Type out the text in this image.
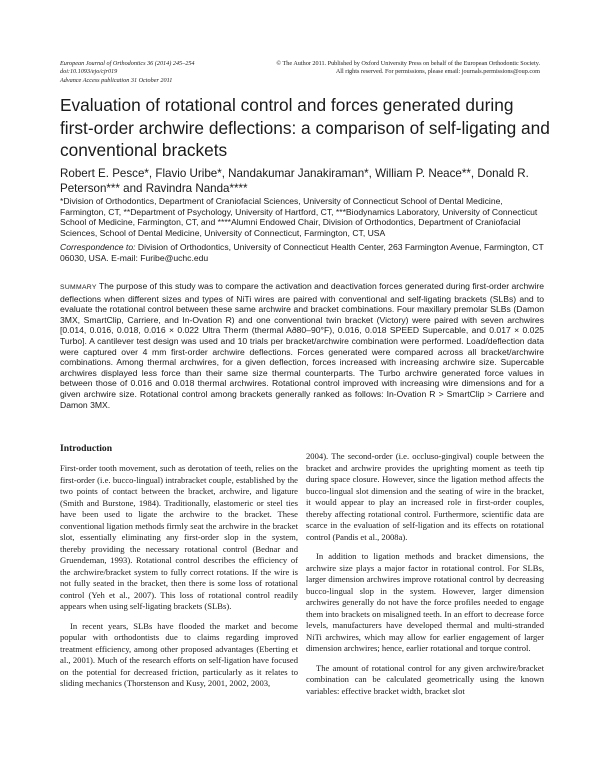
European Journal of Orthodontics 36 (2014) 245–254
doi:10.1093/ejo/cjr019
Advance Access publication 31 October 2011
© The Author 2011. Published by Oxford University Press on behalf of the European Orthodontic Society.
All rights reserved. For permissions, please email: journals.permissions@oup.com
Evaluation of rotational control and forces generated during first-order archwire deflections: a comparison of self-ligating and conventional brackets
Robert E. Pesce*, Flavio Uribe*, Nandakumar Janakiraman*, William P. Neace**, Donald R. Peterson*** and Ravindra Nanda****
*Division of Orthodontics, Department of Craniofacial Sciences, University of Connecticut School of Dental Medicine, Farmington, CT, **Department of Psychology, University of Hartford, CT, ***Biodynamics Laboratory, University of Connecticut School of Medicine, Farmington, CT, and ****Alumni Endowed Chair, Division of Orthodontics, Department of Craniofacial Sciences, School of Dental Medicine, University of Connecticut, Farmington, CT, USA
Correspondence to: Division of Orthodontics, University of Connecticut Health Center, 263 Farmington Avenue, Farmington, CT 06030, USA. E-mail: Furibe@uchc.edu
SUMMARY The purpose of this study was to compare the activation and deactivation forces generated during first-order archwire deflections when different sizes and types of NiTi wires are paired with conventional and self-ligating brackets (SLBs) and to evaluate the rotational control between these same archwire and bracket combinations. Four maxillary premolar SLBs (Damon 3MX, SmartClip, Carriere, and In-Ovation R) and one conventional twin bracket (Victory) were paired with seven archwires [0.014, 0.016, 0.018, 0.016 × 0.022 Ultra Therm (thermal Að80–90°F), 0.016, 0.018 SPEED Supercable, and 0.017 × 0.025 Turbo]. A cantilever test design was used and 10 trials per bracket/archwire combination were performed. Load/deflection data were captured over 4 mm first-order archwire deflections. Forces generated were compared across all bracket/archwire combinations. Among thermal archwires, for a given deflection, forces increased with increasing archwire size. Supercable archwires displayed less force than their same size thermal counterparts. The Turbo archwire generated force values in between those of 0.016 and 0.018 thermal archwires. Rotational control improved with increasing wire dimensions and for a given archwire size. Rotational control among brackets generally ranked as follows: In-Ovation R > SmartClip > Carriere and Damon 3MX.
Introduction

First-order tooth movement, such as derotation of teeth, relies on the first-order (i.e. bucco-lingual) intrabracket couple, established by the two points of contact between the bracket, archwire, and ligature (Smith and Burstone, 1984). Traditionally, elastomeric or steel ties have been used to ligate the archwire to the bracket. These conventional ligation methods firmly seat the archwire in the bracket slot, essentially eliminating any first-order slop in the system, thereby providing the necessary rotational control (Bednar and Gruendeman, 1993). Rotational control describes the efficiency of the archwire/bracket system to fully correct rotations. If the wire is not fully seated in the bracket, then there is some loss of rotational control (Yeh et al., 2007). This loss of rotational control readily appears when using self-ligating brackets (SLBs).

In recent years, SLBs have flooded the market and become popular with orthodontists due to claims regarding improved treatment efficiency, among other proposed advantages (Eberting et al., 2001). Much of the research efforts on self-ligation have focused on the potential for decreased friction, particularly as it relates to sliding mechanics (Thorstenson and Kusy, 2001, 2002, 2003,

2004). The second-order (i.e. occluso-gingival) couple between the bracket and archwire provides the uprighting moment as teeth tip during space closure. However, since the ligation method affects the bucco-lingual slot dimension and the seating of wire in the bracket, it would appear to play an increased role in first-order couples, thereby affecting rotational control. Furthermore, scientific data are scarce in the evaluation of self-ligation and its effects on rotational control (Pandis et al., 2008a).

In addition to ligation methods and bracket dimensions, the archwire size plays a major factor in rotational control. For SLBs, larger dimension archwires improve rotational control by decreasing bucco-lingual slop in the system. However, larger dimension archwires generally do not have the force profiles needed to engage them into brackets on misaligned teeth. In an effort to decrease force levels, manufacturers have developed thermal and multi-stranded NiTi archwires, which may allow for earlier engagement of larger dimension archwires; hence, earlier rotational and torque control.

The amount of rotational control for any given archwire/bracket combination can be calculated geometrically using the known variables: effective bracket width, bracket slot
